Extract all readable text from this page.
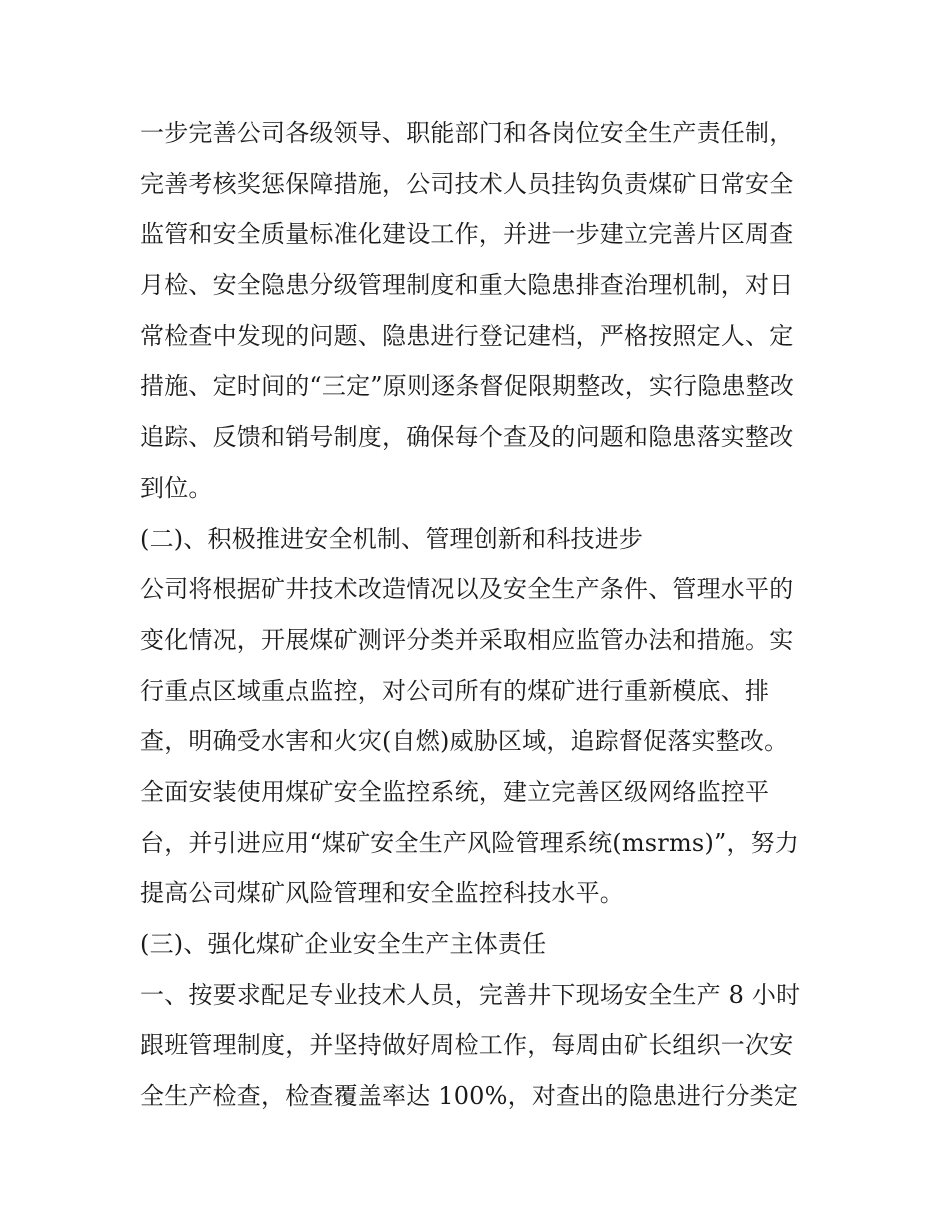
一步完善公司各级领导、职能部门和各岗位安全生产责任制，
完善考核奖惩保障措施，公司技术人员挂钩负责煤矿日常安全
监管和安全质量标准化建设工作，并进一步建立完善片区周查
月检、安全隐患分级管理制度和重大隐患排查治理机制，对日
常检查中发现的问题、隐患进行登记建档，严格按照定人、定
措施、定时间的“三定”原则逐条督促限期整改，实行隐患整改
追踪、反馈和销号制度，确保每个查及的问题和隐患落实整改
到位。
(二)、积极推进安全机制、管理创新和科技进步
公司将根据矿井技术改造情况以及安全生产条件、管理水平的
变化情况，开展煤矿测评分类并采取相应监管办法和措施。实
行重点区域重点监控，对公司所有的煤矿进行重新模底、排
查，明确受水害和火灾(自燃)威胁区域，追踪督促落实整改。
全面安装使用煤矿安全监控系统，建立完善区级网络监控平
台，并引进应用“煤矿安全生产风险管理系统(msrms)”，努力
提高公司煤矿风险管理和安全监控科技水平。
(三)、强化煤矿企业安全生产主体责任
一、按要求配足专业技术人员，完善井下现场安全生产 8 小时
跟班管理制度，并坚持做好周检工作，每周由矿长组织一次安
全生产检查，检查覆盖率达 100%，对查出的隐患进行分类定
